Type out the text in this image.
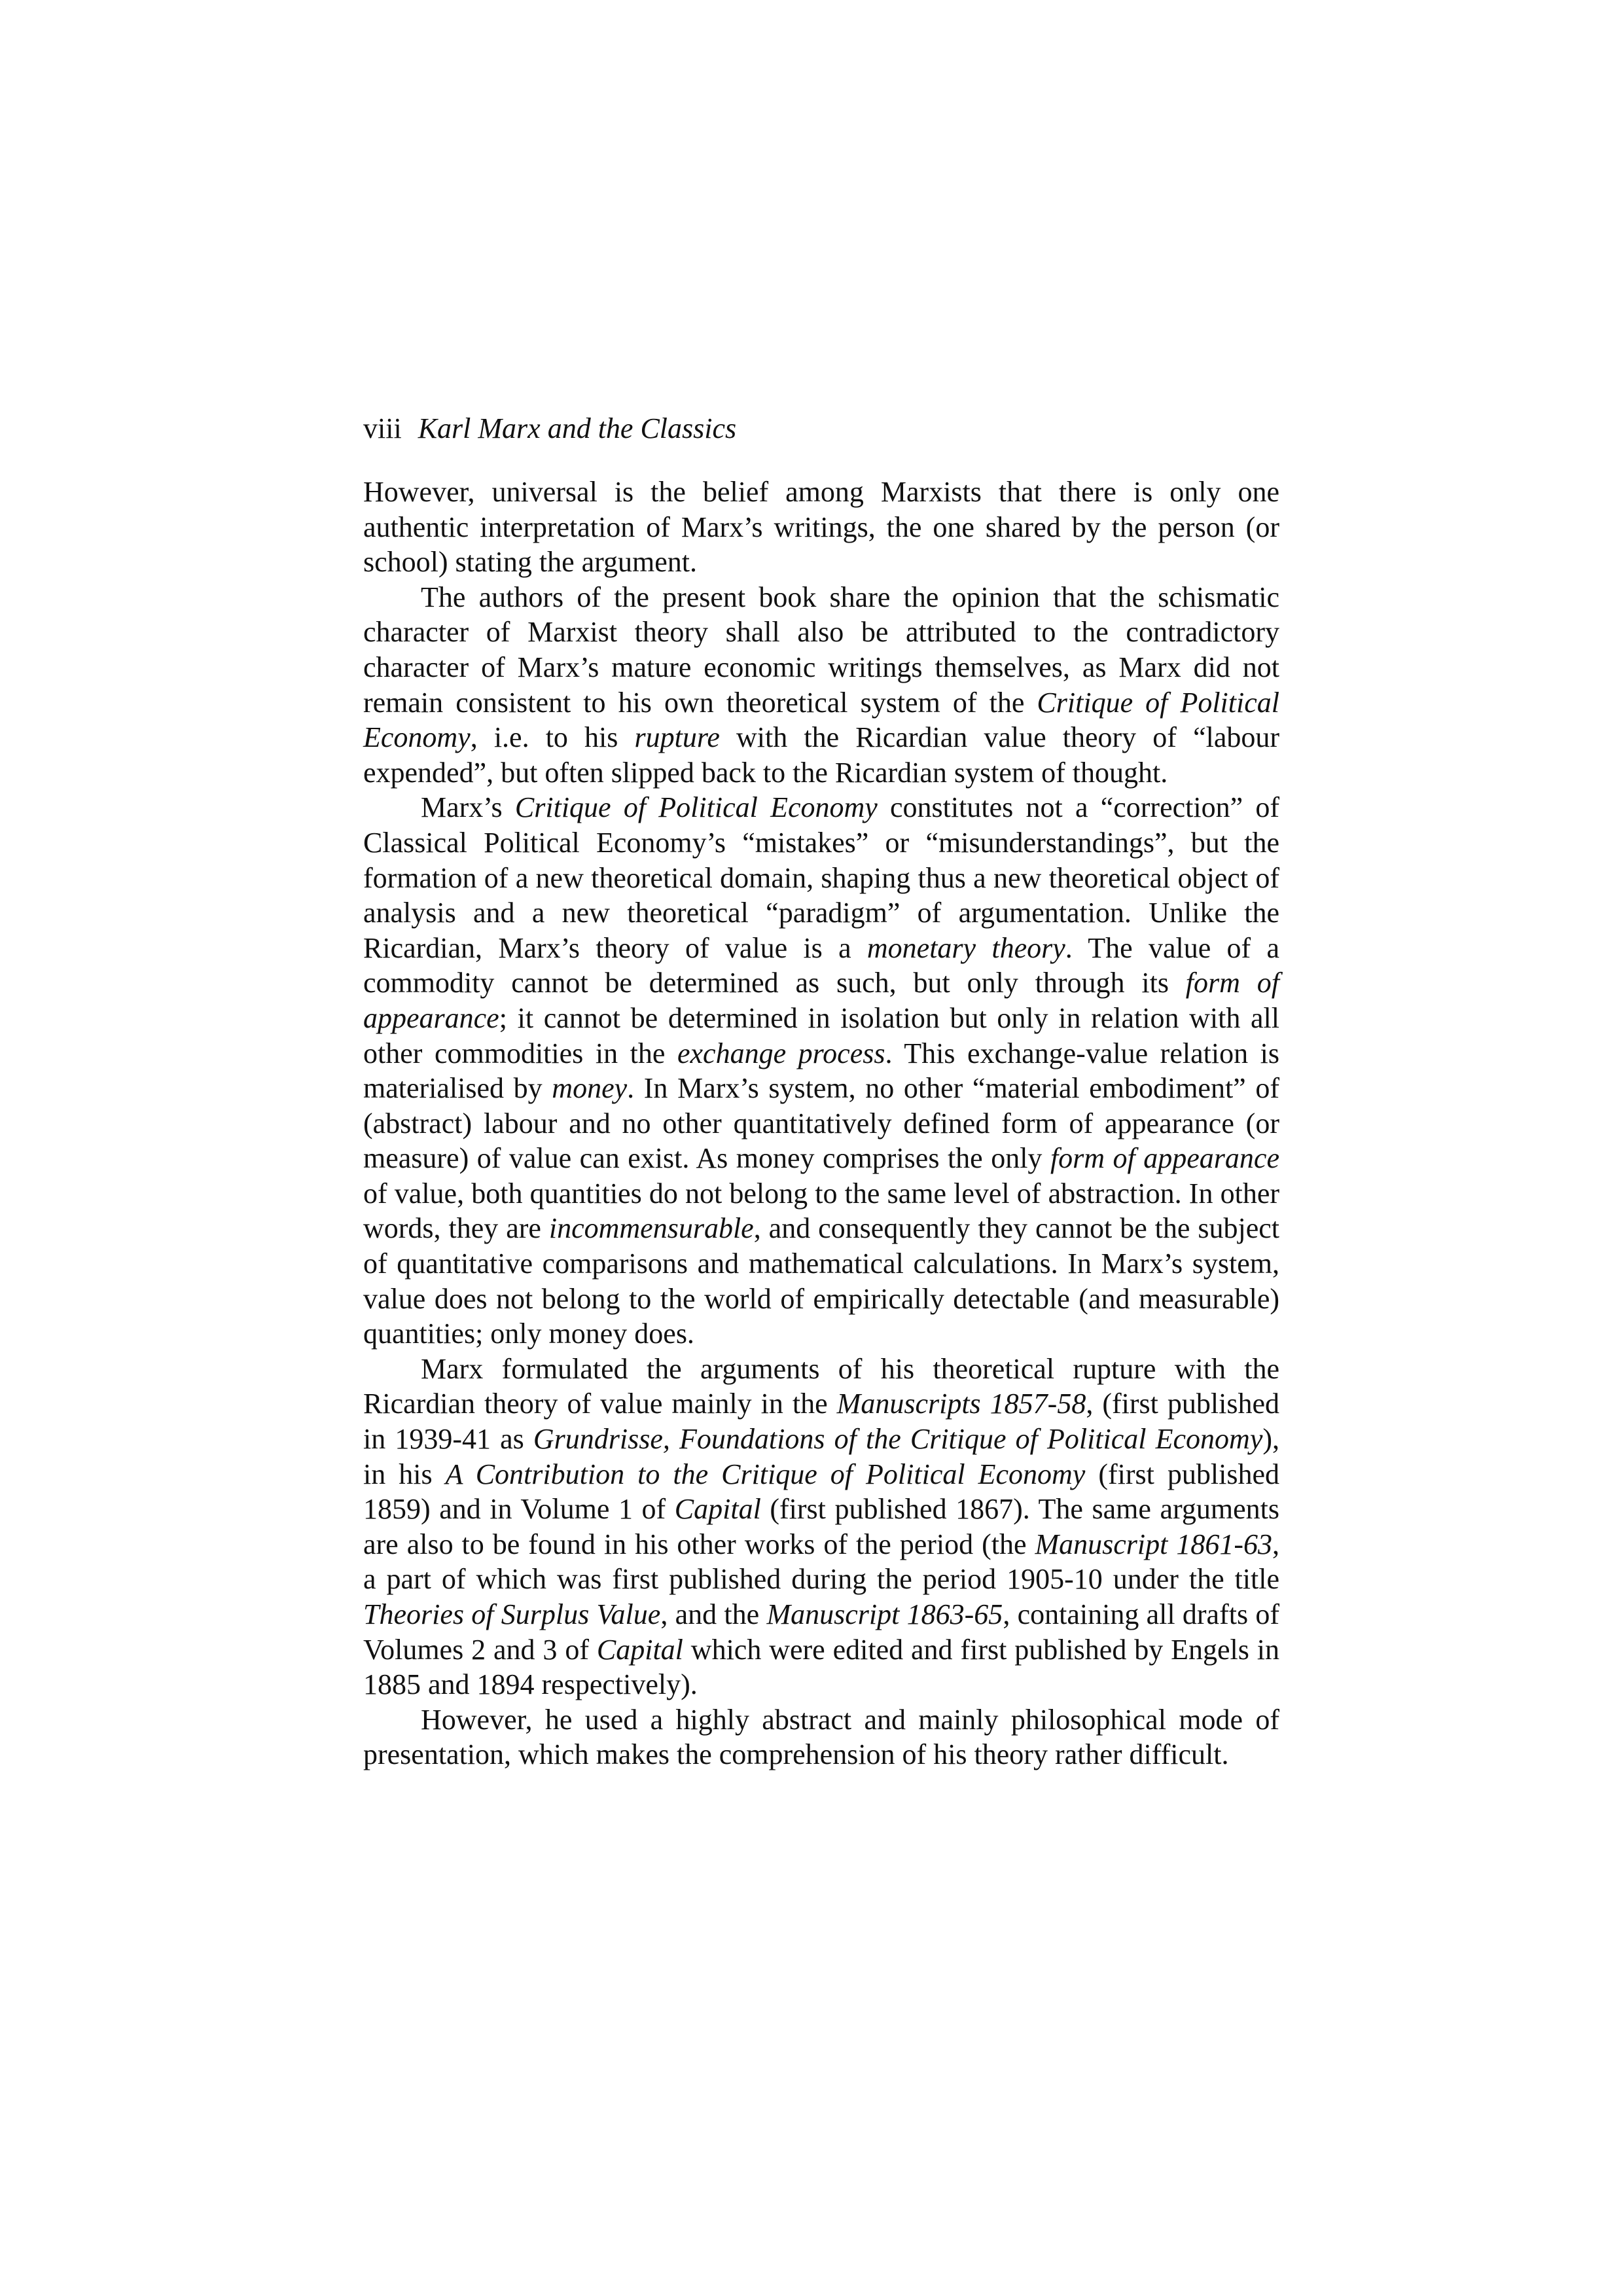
viii Karl Marx and the Classics

However, universal is the belief among Marxists that there is only one authentic interpretation of Marx’s writings, the one shared by the person (or school) stating the argument.

The authors of the present book share the opinion that the schismatic character of Marxist theory shall also be attributed to the contradictory character of Marx’s mature economic writings themselves, as Marx did not remain consistent to his own theoretical system of the Critique of Political Economy, i.e. to his rupture with the Ricardian value theory of “labour expended”, but often slipped back to the Ricardian system of thought.

Marx’s Critique of Political Economy constitutes not a “correction” of Classical Political Economy’s “mistakes” or “misunderstandings”, but the formation of a new theoretical domain, shaping thus a new theoretical object of analysis and a new theoretical “paradigm” of argumentation. Unlike the Ricardian, Marx’s theory of value is a monetary theory. The value of a commodity cannot be determined as such, but only through its form of appearance; it cannot be determined in isolation but only in relation with all other commodities in the exchange process. This exchange-value relation is materialised by money. In Marx’s system, no other “material embodiment” of (abstract) labour and no other quantitatively defined form of appearance (or measure) of value can exist. As money comprises the only form of appearance of value, both quantities do not belong to the same level of abstraction. In other words, they are incommensurable, and consequently they cannot be the subject of quantitative comparisons and mathematical calculations. In Marx’s system, value does not belong to the world of empirically detectable (and measurable) quantities; only money does.

Marx formulated the arguments of his theoretical rupture with the Ricardian theory of value mainly in the Manuscripts 1857-58, (first published in 1939-41 as Grundrisse, Foundations of the Critique of Political Economy), in his A Contribution to the Critique of Political Economy (first published 1859) and in Volume 1 of Capital (first published 1867). The same arguments are also to be found in his other works of the period (the Manuscript 1861-63, a part of which was first published during the period 1905-10 under the title Theories of Surplus Value, and the Manuscript 1863-65, containing all drafts of Volumes 2 and 3 of Capital which were edited and first published by Engels in 1885 and 1894 respectively).

However, he used a highly abstract and mainly philosophical mode of presentation, which makes the comprehension of his theory rather difficult.
